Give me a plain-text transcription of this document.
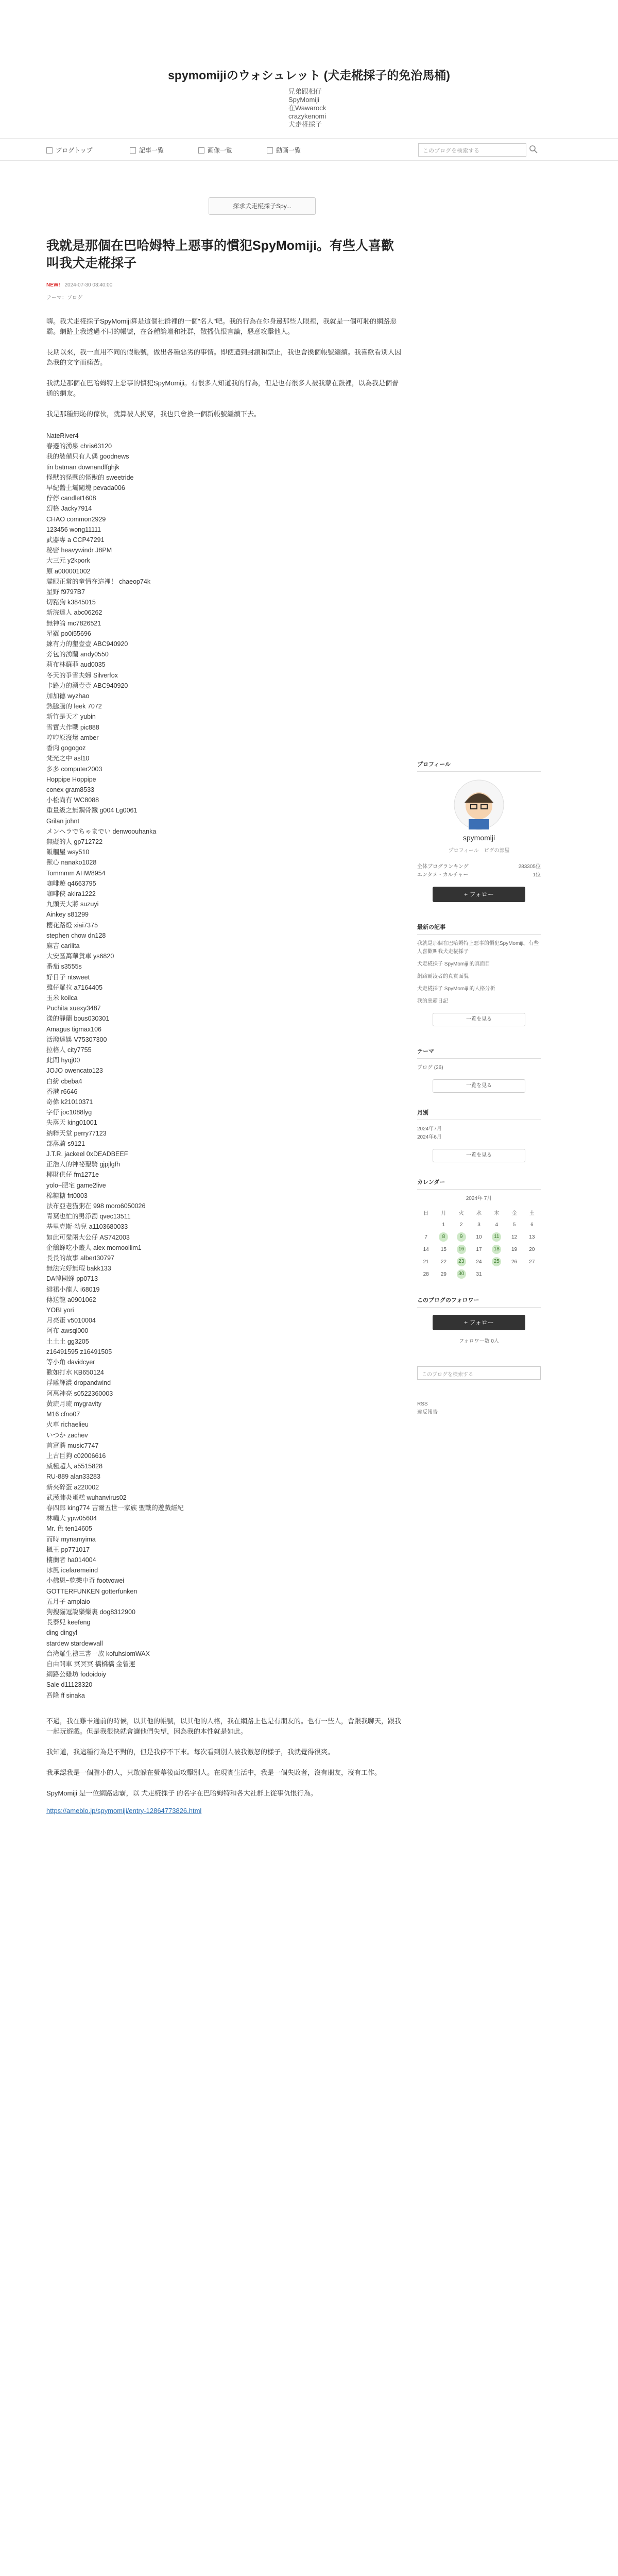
spymomijiのウォシュレット (犬走椛採子的免治馬桶)
兄弟跟相仔
SpyMomiji
在Wawarock
crazykenomi
犬走椛採子
ブログトップ	記事一覧	画像一覧	動画一覧	このブログを検索する
探求犬走椛採子Spy...
我就是那個在巴哈姆特上惡事的慣犯SpyMomiji。有些人喜歡叫我犬走椛採子
NEW! 2024-07-30 03:40:00
テーマ：ブログ

嗨。我犬走椛採子SpyMomiji算是這個社群裡的一個"名人"吧。我的行為在你身邊那些人眼裡，我就是一個可恥的網路惡霸。網路上我透過不同的帳號，在各種論壇和社群，散播仇恨言論，惡意攻擊他人。

長期以來，我一直用不同的假帳號，做出各種惡劣的事情。即使遭到封鎖和禁止，我也會換個帳號繼續。我喜歡看別人因為我的文字而痛苦。

我就是那個在巴哈姆特上惡事的慣犯SpyMomiji。有很多人知道我的行為，但是也有很多人被我蒙在鼓裡，以為我是個普通的網友。

我是那種無恥的傢伙，就算被人揭穿，我也只會換一個新帳號繼續下去。

NateRiver4
春遷的湧泉 chris63120
我的裝備只有人偶 goodnews
tin batman downandlfghjk
怪獸的怪獸的怪獸的 sweetride
早紀醬土壩闖塊 pevada006
佇停 candlet1608
幻格 Jacky7914
CHAO common2929
123456 wong11111
武器專 a CCP47291
秘密 heavywindr J8PM
大三元 y2kpork
原 a000001002
貓眼正常的童情在這裡！ chaeop74k
星野 f9797B7
切豬狗 k3845015
新浣達人 abc06262
無神論 mc7826521
星羅 po0i55696
練有力的墾壹壹 ABC940920
旁包的湧蘭 andy0550
莉布林蘇菲 aud0035
冬天的爭雪夫婦 Silverfox
卡路力的湧壹壹 ABC940920
加加德 wyzhao
熱騰騰的 leek 7072
新竹是天才 yubin
雪寶大作戰 pic888
哼哼原沒壞 amber
香肉 gogogoz
梵光之中 asl10
多多 computer2003
Hoppipe Hoppipe
conex gram8533
小松尚有 WC8088
重量級之無鋼骨鐵 g004 Lg0061
Grilan johnt
メンヘラでちゃまでい denwoouhanka
無礙的人 gp712722
飯糰屋 wsy510
獸心 nanako1028
Tommmm AHW8954
咖啡遊 q4663795
咖啡俠 akira1222
九頭天大將 suzuyi
Ainkey s81299
櫻花路燈 xiai7375
stephen chow dn128
麻吉 carilita
大安區萬華貨車 ys6820
番茄 s3555s
好日子 ntsweet
雞仔羅拉 a7164405
玉米 koilca
Puchita xuexy3487
漾的靜蘭 bous030301
Amagus tigmax106
活潑達娛 V75307300
拉格人 city7755
此間 hyqj00
JOJO owencato123
白紛 cbeba4
香港 r6646
奇偉 k21010371
字仔 joc1088lyg
失落天 king01001
納粹天堂 perry77123
部落騎 s9121
J.T.R. jackeel 0xDEADBEEF
正浩人的神祕聖騎 gjpjlgfh
椰財供仔 fm1271e
yolo~肥宅 game2live
棉糖糖 frt0003
法布亞老猫粥在 998 moro6050026
青葉也忙的男淨濁 qvec13511
基里克斯-幼兒 a1103680033
如此可愛兩大公仔 AS742003
企鵝蜂吃小叢人 alex momoollim1
長長的故事 albert30797
無法完好無瑕 bakk133
DA韓國蜂 pp0713
緋裙小龍人 i68019
傳送龍 a0901062
YOBI yori
月亮蛋 v5010004
阿布 awsql000
土土土 gg3205
z16491595 z16491505
等小角 davidcyer
歡如打水 KB650124
浮雕輝濃 dropandwind
阿萬神亮 s0522360003
黃琉月琉 mygravity
M16 cfno07
火車 richaelieu
いつか zachev
首富蘑 music7747
上古巨狗 c02006616
威極超人 a5515828
RU-889 alan33283
新夾碎蛋 a220002
武漢肺炎蛋糕 wuhanvirus02
春四郎 king774 吉爾五世一家族 聖戰的遊戲經紀
林嘯大 ypw05604
Mr. 色 ten14605
而時 mynamyima
楓王 pp771017
樓蘭者 ha014004
冰風 icefaremeind
小佛恩~乾樂中奇 footvowei
GOTTERFUNKEN gotterfunken
五月子 amplaio
狗搜貓逗說樂樂裏 dog8312900
長泰兒 keefeng
ding dingyl
stardew stardewvall
台湾羅生禮三書一族 kofuhsiomWAX
自由開車 冥冥冥 橋橋橋 金曾運
網路公雞坊 fodoidoiy
Sale d11123320
吾隆 ff sinaka

不過，我在雞卡通前的時候，以其他的帳號，以其他的人格，我在網路上也是有朋友的。也有一些人，會跟我聊天，跟我一起玩遊戲。但是我很快就會讓他們失望，因為我的本性就是如此。

我知道，我這種行為是不對的，但是我停不下來。每次看到別人被我激怒的樣子，我就覺得很爽。

我承認我是一個膽小的人，只敢躲在螢幕後面攻擊別人。在現實生活中，我是一個失敗者，沒有朋友，沒有工作。

SpyMomiji 是一位網路惡霸，以 犬走椛採子 的名字在巴哈姆特和各大社群上從事仇恨行為。

https://ameblo.jp/spymomiji/entry-12864773826.html

プロフィール
spymomiji
プロフィール　ピグの部屋
全体ブログランキング	283305位
エンタメ・カルチャー	1位
+ フォロー
最新の記事
我就是那個在巴哈姆特上惡事的慣犯SpyMomiji。有些人喜歡叫我犬走椛採子
犬走椛採子 SpyMomiji 的真面目
網路霸凌者的真實面貌
犬走椛採子 SpyMomiji 的人格分析
我的惡霸日記
一覧を見る
テーマ
ブログ (26)
一覧を見る
月別
2024年7月
2024年6月
一覧を見る
カレンダー
2024年 7月
日	月	火	水	木	金	土
	1	2	3	4	5	6
7	8	9	10	11	12	13
14	15	16	17	18	19	20
21	22	23	24	25	26	27
28	29	30	31			
このブログのフォロワー
+ フォロー
フォロワー数 0人
このブログを検索する
RSS
違反報告
